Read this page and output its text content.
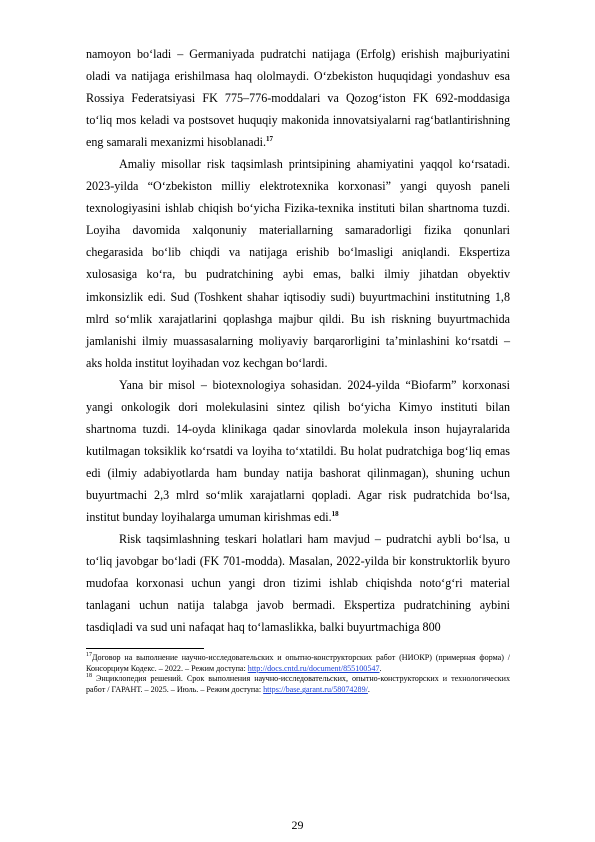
namoyon bo‘ladi – Germaniyada pudratchi natijaga (Erfolg) erishish majburiyatini oladi va natijaga erishilmasa haq ololmaydi. O‘zbekiston huquqidagi yondashuv esa Rossiya Federatsiyasi FK 775–776-moddalari va Qozog‘iston FK 692-moddasiga to‘liq mos keladi va postsovet huquqiy makonida innovatsiyalarni rag‘batlantirishning eng samarali mexanizmi hisoblanadi.$^{17}$

Amaliy misollar risk taqsimlash printsipining ahamiyatini yaqqol ko‘rsatadi. 2023-yilda “O‘zbekiston milliy elektrotexnika korxonasi” yangi quyosh paneli texnologiyasini ishlab chiqish bo‘yicha Fizika-texnika instituti bilan shartnoma tuzdi. Loyiha davomida xalqonuniy materiallarning samaradorligi fizika qonunlari chegarasida bo‘lib chiqdi va natijaga erishib bo‘lmasligi aniqlandi. Ekspertiza xulosasiga ko‘ra, bu pudratchining aybi emas, balki ilmiy jihatdan obyektiv imkonsizlik edi. Sud (Toshkent shahar iqtisodiy sudi) buyurtmachini institutning 1,8 mlrd so‘mlik xarajatlarini qoplashga majbur qildi. Bu ish riskning buyurtmachida jamlanishi ilmiy muassasalarning moliyaviy barqarorligini ta’minlashini ko‘rsatdi – aks holda institut loyihadan voz kechgan bo‘lardi.

Yana bir misol – biotexnologiya sohasidan. 2024-yilda “Biofarm” korxonasi yangi onkologik dori molekulasini sintez qilish bo‘yicha Kimyo instituti bilan shartnoma tuzdi. 14-oyda klinikaga qadar sinovlarda molekula inson hujayralarida kutilmagan toksiklik ko‘rsatdi va loyiha to‘xtatildi. Bu holat pudratchiga bog‘liq emas edi (ilmiy adabiyotlarda ham bunday natija bashorat qilinmagan), shuning uchun buyurtmachi 2,3 mlrd so‘mlik xarajatlarni qopladi. Agar risk pudratchida bo‘lsa, institut bunday loyihalarga umuman kirishmas edi.$^{18}$

Risk taqsimlashning teskari holatlari ham mavjud – pudratchi aybli bo‘lsa, u to‘liq javobgar bo‘ladi (FK 701-modda). Masalan, 2022-yilda bir konstruktorlik byuro mudofaa korxonasi uchun yangi dron tizimi ishlab chiqishda noto‘g‘ri material tanlagani uchun natija talabga javob bermadi. Ekspertiza pudratchining aybini tasdiqladi va sud uni nafaqat haq to‘lamaslikka, balki buyurtmachiga 800

$^{17}$Договор на выполнение научно-исследовательских и опытно-конструкторских работ (НИОКР) (примерная форма) / Консорциум Кодекс. – 2022. – Режим доступа: http://docs.cntd.ru/document/855100547.

$^{18}$ Энциклопедия решений. Срок выполнения научно-исследовательских, опытно-конструкторских и технологических работ / ГАРАНТ. – 2025. – Июль. – Режим доступа: https://base.garant.ru/58074289/.

29
